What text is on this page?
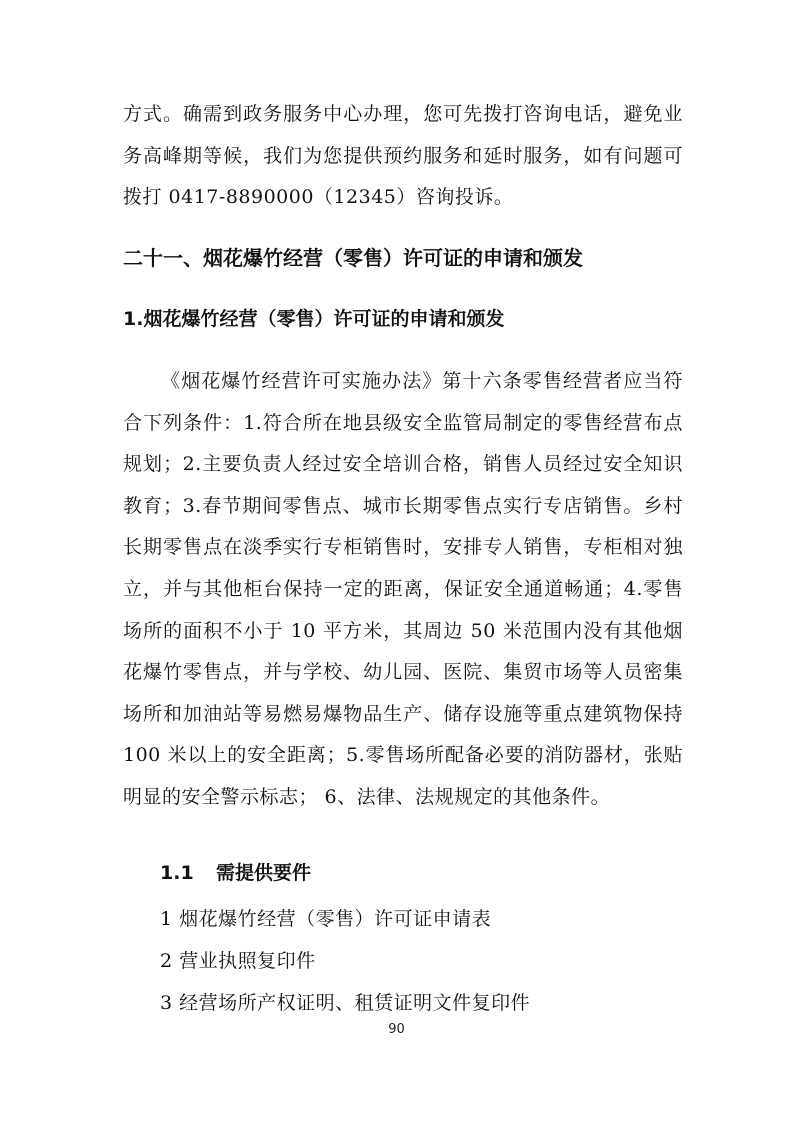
方式。确需到政务服务中心办理，您可先拨打咨询电话，避免业务高峰期等候，我们为您提供预约服务和延时服务，如有问题可拨打 0417-8890000（12345）咨询投诉。

二十一、烟花爆竹经营（零售）许可证的申请和颁发
1.烟花爆竹经营（零售）许可证的申请和颁发

《烟花爆竹经营许可实施办法》第十六条零售经营者应当符合下列条件：1.符合所在地县级安全监管局制定的零售经营布点规划；2.主要负责人经过安全培训合格，销售人员经过安全知识教育；3.春节期间零售点、城市长期零售点实行专店销售。乡村长期零售点在淡季实行专柜销售时，安排专人销售，专柜相对独立，并与其他柜台保持一定的距离，保证安全通道畅通；4.零售场所的面积不小于 10 平方米，其周边 50 米范围内没有其他烟花爆竹零售点，并与学校、幼儿园、医院、集贸市场等人员密集场所和加油站等易燃易爆物品生产、储存设施等重点建筑物保持 100 米以上的安全距离；5.零售场所配备必要的消防器材，张贴明显的安全警示标志； 6、法律、法规规定的其他条件。

1.1 需提供要件
1 烟花爆竹经营（零售）许可证申请表
2 营业执照复印件
3 经营场所产权证明、租赁证明文件复印件
90
